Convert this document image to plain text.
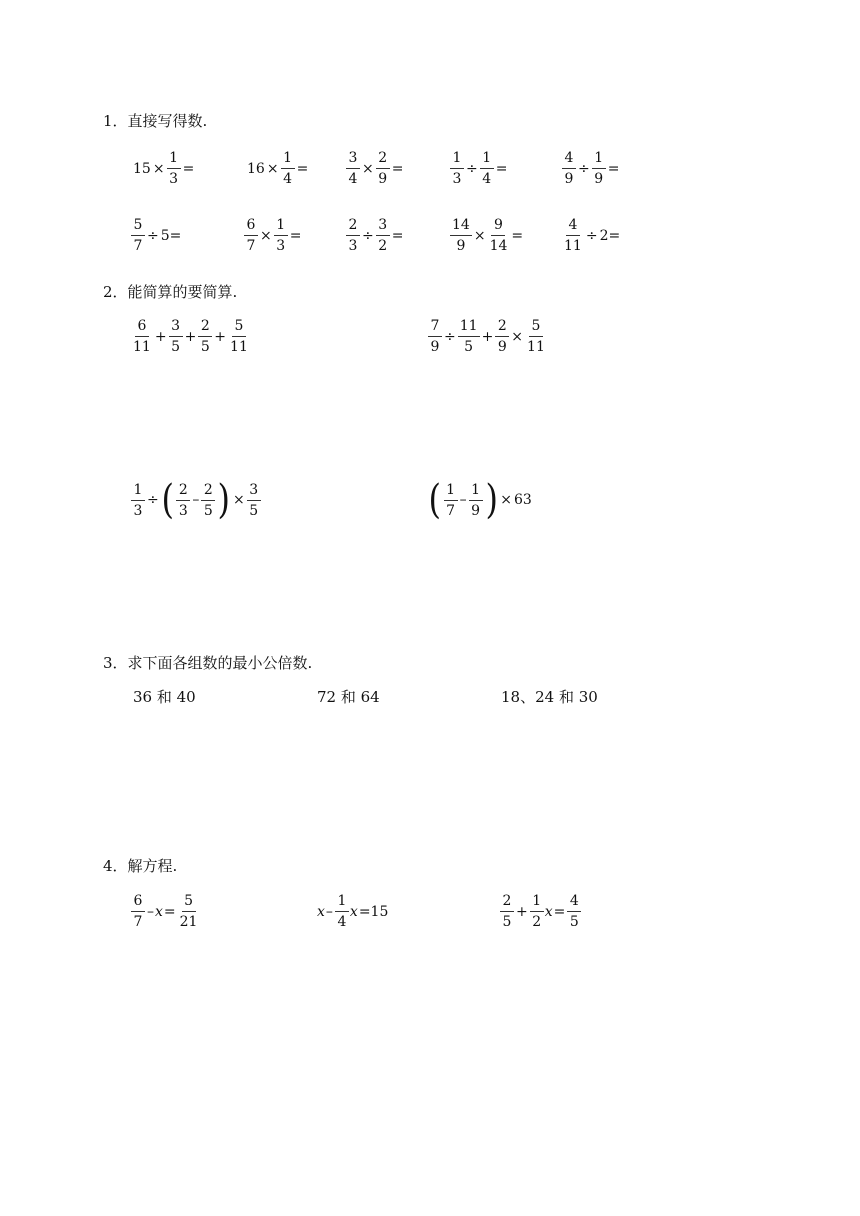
1．直接写得数.
$15 \times \frac{1}{3}$ =	$16 \times \frac{1}{4}$ =	$\frac{3}{4} \times \frac{2}{9}$ =	$\frac{1}{3} \div \frac{1}{4}$ =	$\frac{4}{9} \div \frac{1}{9}$ =
$\frac{5}{7} \div 5=$	$\frac{6}{7} \times \frac{1}{3}$ =	$\frac{2}{3} \div \frac{3}{2}$ =	$\frac{14}{9} \times \frac{9}{14}$ =	$\frac{4}{11} \div 2=$
2．能简算的要简算.
$\frac{6}{11} + \frac{3}{5} + \frac{2}{5} + \frac{5}{11}$	$\frac{7}{9} \div \frac{11}{5} + \frac{2}{9} \times \frac{5}{11}$
$\frac{1}{3}$ ÷ ( $\frac{2}{3} - \frac{2}{5}$ ) × $\frac{3}{5}$	( $\frac{1}{7} - \frac{1}{9}$ ) × 63
3．求下面各组数的最小公倍数.
36 和 40	72 和 64	18、24 和 30
4．解方程.
$\frac{6}{7} - x = \frac{5}{21}$	x – $\frac{1}{4}$ x =15	$\frac{2}{5} + \frac{1}{2}$ $x = \frac{4}{5}$
